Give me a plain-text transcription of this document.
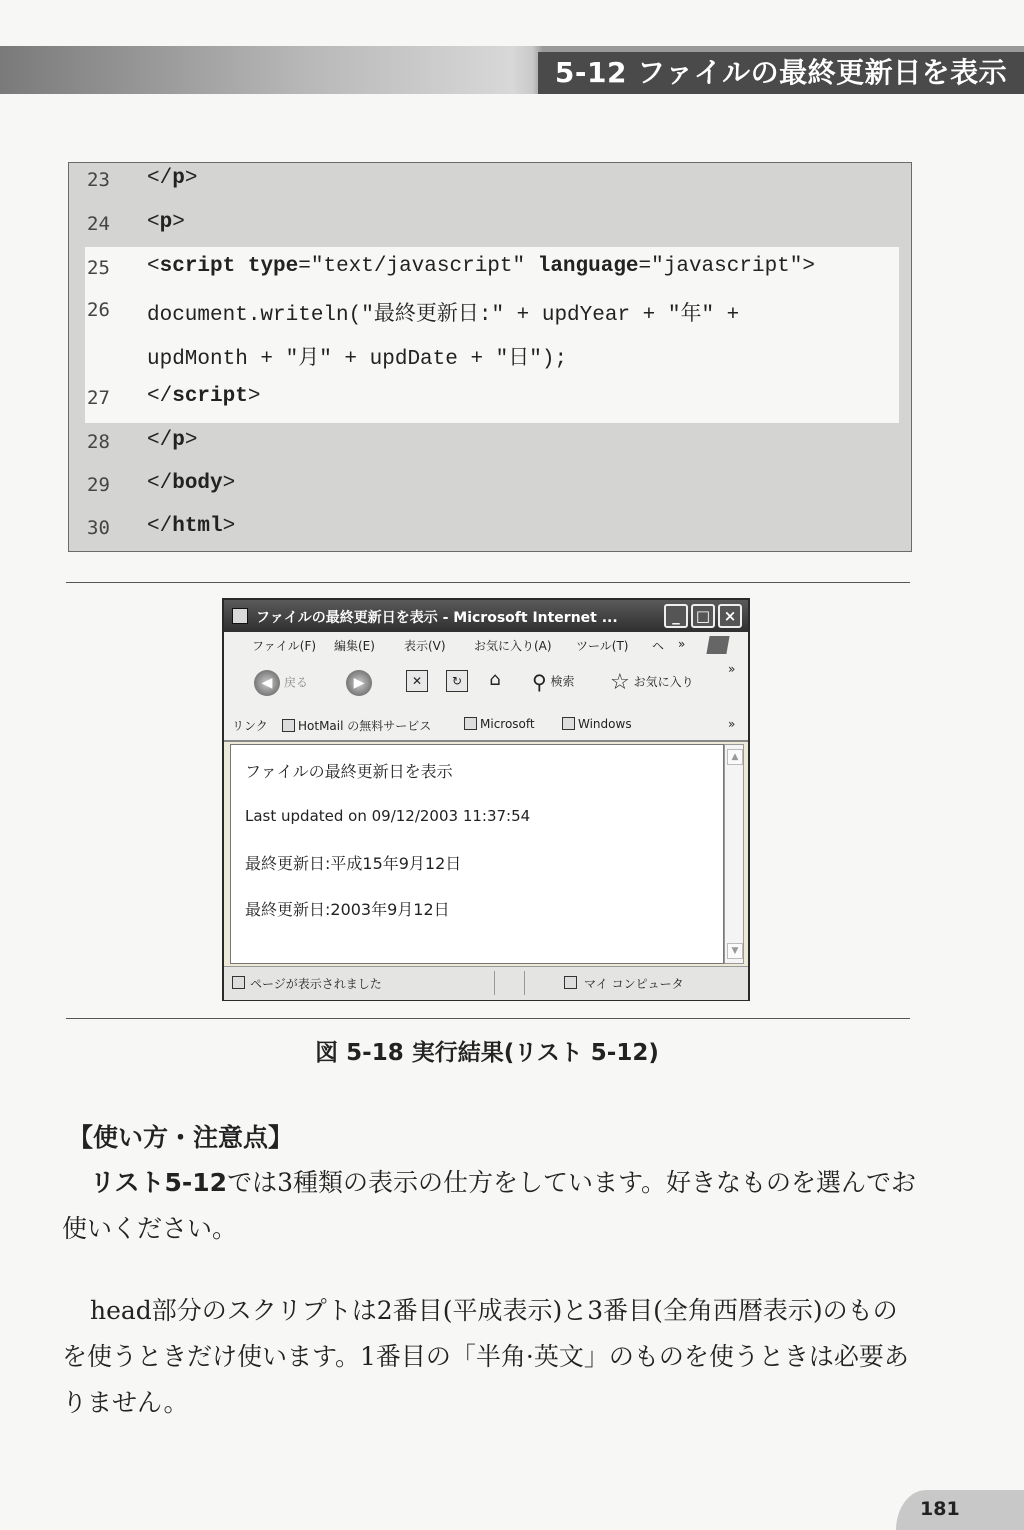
5-12 ファイルの最終更新日を表示
23	</p>
24	<p>
25	<script type="text/javascript" language="javascript">
26	document.writeln("最終更新日:" + updYear + "年" +
updMonth + "月" + updDate + "日");
27	</script>
28	</p>
29	</body>
30	</html>
ファイルの最終更新日を表示 - Microsoft Internet ...	_	□ ×
ファイル(F) 編集(E) 表示(V) お気に入り(A) ツール(T) ヘ »
◀ 戻る	▶	✕	↻	⌂ ⚲ 検索 ☆ お気に入り
»
リンク	HotMail の無料サービス	Microsoft	Windows	»
ファイルの最終更新日を表示
Last updated on 09/12/2003 11:37:54
最終更新日:平成15年9月12日
最終更新日:2003年9月12日
▲
▼
ページが表示されました	マイ コンピュータ
図 5-18 実行結果(リスト 5-12)
【使い方・注意点】
リスト5-12では3種類の表示の仕方をしています。好きなものを選んでお使いください。
head部分のスクリプトは2番目(平成表示)と3番目(全角西暦表示)のものを使うときだけ使います。1番目の「半角·英文」のものを使うときは必要ありません。
181
